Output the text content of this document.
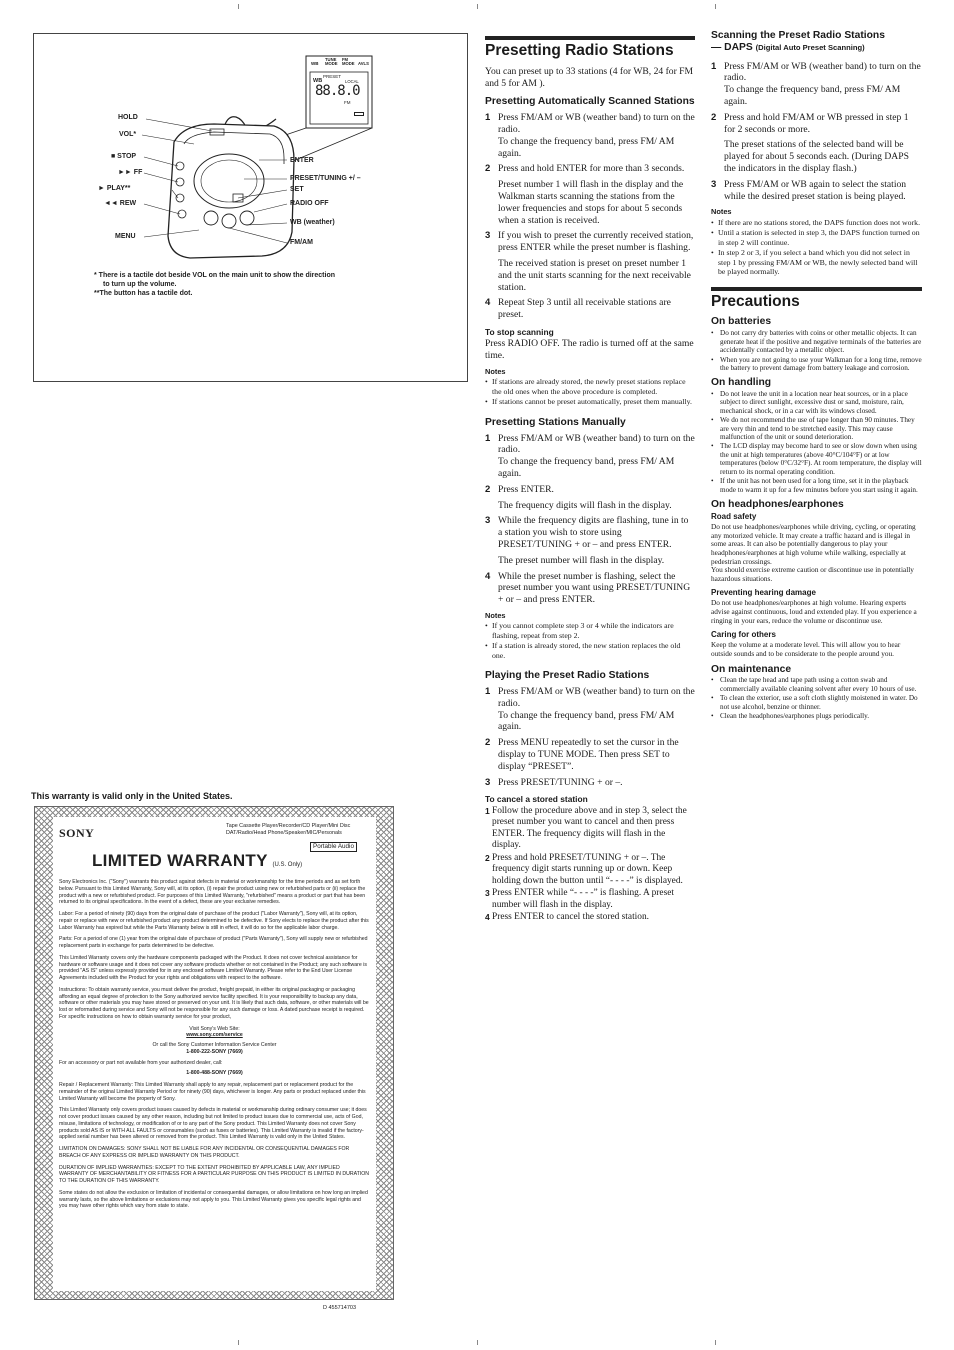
WB
TUNE
MODE
FM
MODE AVLS
PRESET
WB	LOCAL
88.8.0
FM
HOLD
VOL*
■ STOP
►► FF
► PLAY**
◄◄ REW
MENU
ENTER
PRESET/TUNING +/ –
SET
RADIO OFF
WB (weather)
FM/AM
* There is a tactile dot beside VOL on the main unit to show the direction
to turn up the volume.
**The button has a tactile dot.
This warranty is valid only in the United States.
SONY	Tape Cassette Player/Recorder/CD Player/Mini Disc DAT/Radio/Head Phone/Speaker/MIC/Personals
Portable Audio
LIMITED WARRANTY (U.S. Only)

Sony Electronics Inc. ("Sony") warrants this product against defects in material or workmanship for the time periods and as set forth below. Pursuant to this Limited Warranty, Sony will, at its option, (i) repair the product using new or refurbished parts or (ii) replace the product with a new or refurbished product. For purposes of this Limited Warranty, "refurbished" means a product or part that has been returned to its original specifications. In the event of a defect, these are your exclusive remedies.

Labor: For a period of ninety (90) days from the original date of purchase of the product ("Labor Warranty"), Sony will, at its option, repair or replace with new or refurbished product any product determined to be defective. If Sony elects to replace the product after this Labor Warranty has expired but while the Parts Warranty below is still in effect, it will do so for the applicable labor charge.

Parts: For a period of one (1) year from the original date of purchase of product ("Parts Warranty"), Sony will supply new or refurbished replacement parts in exchange for parts determined to be defective.

This Limited Warranty covers only the hardware components packaged with the Product. It does not cover technical assistance for hardware or software usage and it does not cover any software products whether or not contained in the Product; any such software is provided "AS IS" unless expressly provided for in any enclosed software Limited Warranty. Please refer to the End User License Agreements included with the Product for your rights and obligations with respect to the software.

Instructions: To obtain warranty service, you must deliver the product, freight prepaid, in either its original packaging or packaging affording an equal degree of protection to the Sony authorized service facility specified. It is your responsibility to backup any data, software or other materials you may have stored or preserved on your unit. It is likely that such data, software, or other materials will be lost or reformatted during service and Sony will not be responsible for any such damage or loss. A dated purchase receipt is required. For specific instructions on how to obtain warranty service for your product,

Visit Sony's Web Site:
www.sony.com/service
Or call the Sony Customer Information Service Center
1-800-222-SONY (7669)
For an accessory or part not available from your authorized dealer, call:
1-800-488-SONY (7669)

Repair / Replacement Warranty: This Limited Warranty shall apply to any repair, replacement part or replacement product for the remainder of the original Limited Warranty Period or for ninety (90) days, whichever is longer. Any parts or product replaced under this Limited Warranty will become the property of Sony.

This Limited Warranty only covers product issues caused by defects in material or workmanship during ordinary consumer use; it does not cover product issues caused by any other reason, including but not limited to product issues due to commercial use, acts of God, misuse, limitations of technology, or modification of or to any part of the Sony product. This Limited Warranty does not cover Sony products sold AS IS or WITH ALL FAULTS or consumables (such as fuses or batteries). This Limited Warranty is invalid if the factory-applied serial number has been altered or removed from the product. This Limited Warranty is valid only in the United States.

LIMITATION ON DAMAGES: SONY SHALL NOT BE LIABLE FOR ANY INCIDENTAL OR CONSEQUENTIAL DAMAGES FOR BREACH OF ANY EXPRESS OR IMPLIED WARRANTY ON THIS PRODUCT.

DURATION OF IMPLIED WARRANTIES: EXCEPT TO THE EXTENT PROHIBITED BY APPLICABLE LAW, ANY IMPLIED WARRANTY OF MERCHANTABILITY OR FITNESS FOR A PARTICULAR PURPOSE ON THIS PRODUCT IS LIMITED IN DURATION TO THE DURATION OF THIS WARRANTY.

Some states do not allow the exclusion or limitation of incidental or consequential damages, or allow limitations on how long an implied warranty lasts, so the above limitations or exclusions may not apply to you. This Limited Warranty gives you specific legal rights and you may have other rights which vary from state to state.

D 455714703
Presetting Radio Stations

You can preset up to 33 stations (4 for WB, 24 for FM and 5 for AM ).

Presetting Automatically Scanned Stations
1 Press FM/AM or WB (weather band) to turn on the radio.
To change the frequency band, press FM/ AM again.
2 Press and hold ENTER for more than 3 seconds.
Preset number 1 will flash in the display and the Walkman starts scanning the stations from the lower frequencies and stops for about 5 seconds when a station is received.
3 If you wish to preset the currently received station, press ENTER while the preset number is flashing.
The received station is preset on preset number 1 and the unit starts scanning for the next receivable station.
4 Repeat Step 3 until all receivable stations are preset.
To stop scanning

Press RADIO OFF. The radio is turned off at the same time.

Notes
• If stations are already stored, the newly preset stations replace the old ones when the above procedure is completed.
• If stations cannot be preset automatically, preset them manually.
Presetting Stations Manually
1 Press FM/AM or WB (weather band) to turn on the radio.
To change the frequency band, press FM/ AM again.
2 Press ENTER.
The frequency digits will flash in the display.
3 While the frequency digits are flashing, tune in to a station you wish to store using PRESET/TUNING + or – and press ENTER.
The preset number will flash in the display.
4 While the preset number is flashing, select the preset number you want using PRESET/TUNING + or – and press ENTER.
Notes
• If you cannot complete step 3 or 4 while the indicators are flashing, repeat from step 2.
• If a station is already stored, the new station replaces the old one.
Playing the Preset Radio Stations
1 Press FM/AM or WB (weather band) to turn on the radio.
To change the frequency band, press FM/ AM again.
2 Press MENU repeatedly to set the cursor in the display to TUNE MODE. Then press SET to display “PRESET”.
3 Press PRESET/TUNING + or –.
To cancel a stored station
1 Follow the procedure above and in step 3, select the preset number you want to cancel and then press ENTER. The frequency digits will flash in the display.
2 Press and hold PRESET/TUNING + or –. The frequency digit starts running up or down. Keep holding down the button until “- - - -” is displayed.
3 Press ENTER while “- - - -” is flashing. A preset number will flash in the display.
4 Press ENTER to cancel the stored station.
Scanning the Preset Radio Stations
— DAPS (Digital Auto Preset Scanning)
1 Press FM/AM or WB (weather band) to turn on the radio.
To change the frequency band, press FM/ AM again.
2 Press and hold FM/AM or WB pressed in step 1 for 2 seconds or more.
The preset stations of the selected band will be played for about 5 seconds each. (During DAPS the indicators in the display flash.)
3 Press FM/AM or WB again to select the station while the desired preset station is being played.
Notes
• If there are no stations stored, the DAPS function does not work.
• Until a station is selected in step 3, the DAPS function turned on in step 2 will continue.
• In step 2 or 3, if you select a band which you did not select in step 1 by pressing FM/AM or WB, the newly selected band will be played normally.
Precautions
On batteries
• Do not carry dry batteries with coins or other metallic objects. It can generate heat if the positive and negative terminals of the batteries are accidentally contacted by a metallic object.
• When you are not going to use your Walkman for a long time, remove the battery to prevent damage from battery leakage and corrosion.
On handling
• Do not leave the unit in a location near heat sources, or in a place subject to direct sunlight, excessive dust or sand, moisture, rain, mechanical shock, or in a car with its windows closed.
• We do not recommend the use of tape longer than 90 minutes. They are very thin and tend to be stretched easily. This may cause malfunction of the unit or sound deterioration.
• The LCD display may become hard to see or slow down when using the unit at high temperatures (above 40°C/104°F) or at low temperatures (below 0°C/32°F). At room temperature, the display will return to its normal operating condition.
• If the unit has not been used for a long time, set it in the playback mode to warm it up for a few minutes before you start using it again.
On headphones/earphones
Road safety
Do not use headphones/earphones while driving, cycling, or operating any motorized vehicle. It may create a traffic hazard and is illegal in some areas. It can also be potentially dangerous to play your headphones/earphones at high volume while walking, especially at pedestrian crossings.
You should exercise extreme caution or discontinue use in potentially hazardous situations.
Preventing hearing damage
Do not use headphones/earphones at high volume. Hearing experts advise against continuous, loud and extended play. If you experience a ringing in your ears, reduce the volume or discontinue use.
Caring for others
Keep the volume at a moderate level. This will allow you to hear outside sounds and to be considerate to the people around you.
On maintenance
• Clean the tape head and tape path using a cotton swab and commercially available cleaning solvent after every 10 hours of use.
• To clean the exterior, use a soft cloth slightly moistened in water. Do not use alcohol, benzine or thinner.
• Clean the headphones/earphones plugs periodically.
